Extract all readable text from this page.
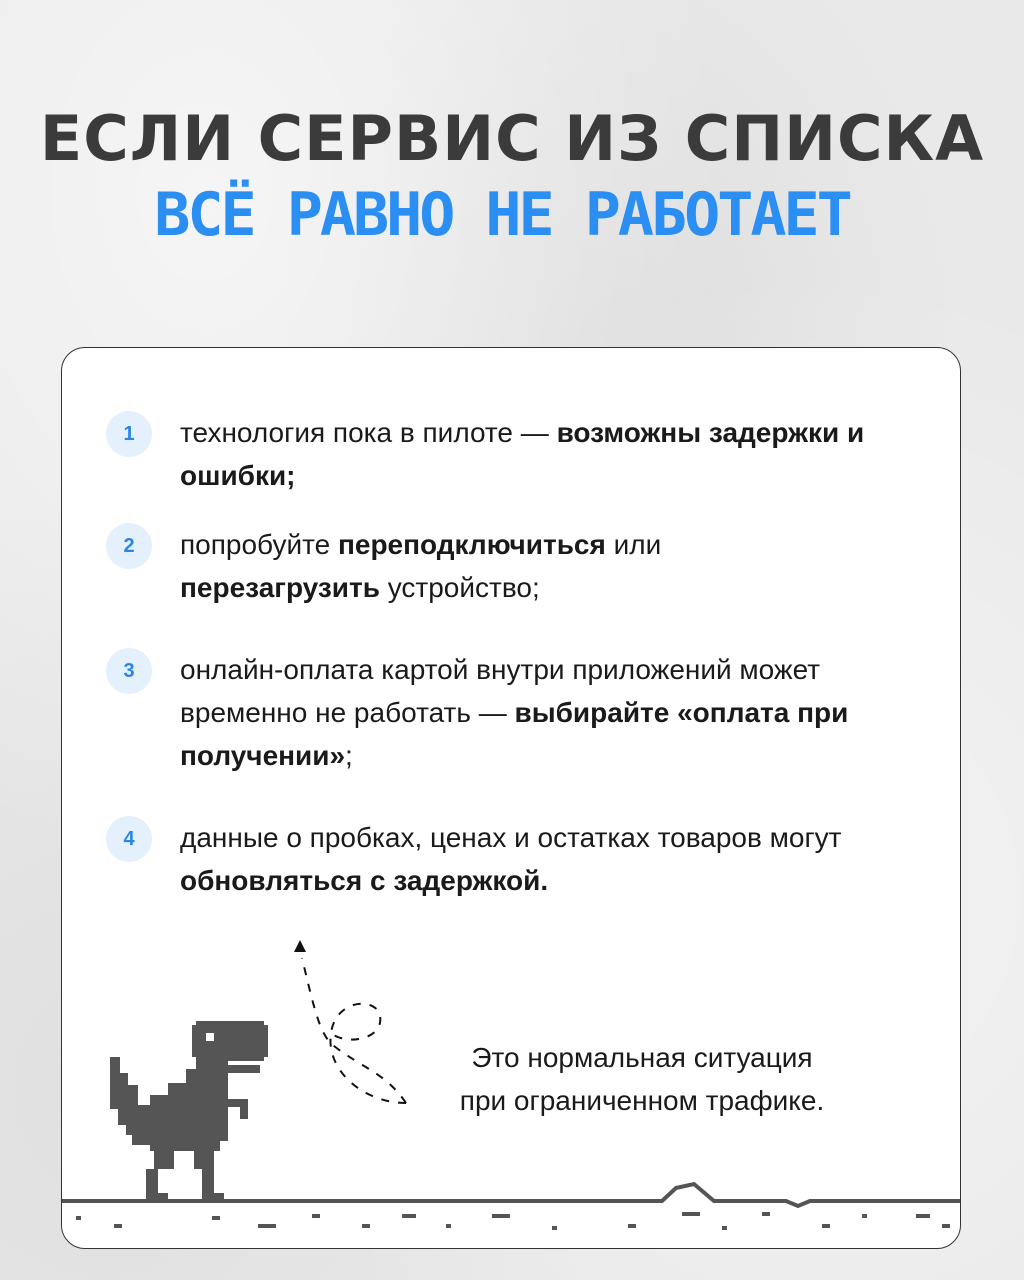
ЕСЛИ СЕРВИС ИЗ СПИСКА
ВСЁ РАВНО НЕ РАБОТАЕТ
1	технология пока в пилоте — возможны задержки и ошибки;
2	попробуйте переподключиться или
перезагрузить устройство;
3	онлайн-оплата картой внутри приложений может временно не работать — выбирайте «оплата при получении»;
4	данные о пробках, ценах и остатках товаров могут обновляться с задержкой.
Это нормальная ситуация
при ограниченном трафике.
